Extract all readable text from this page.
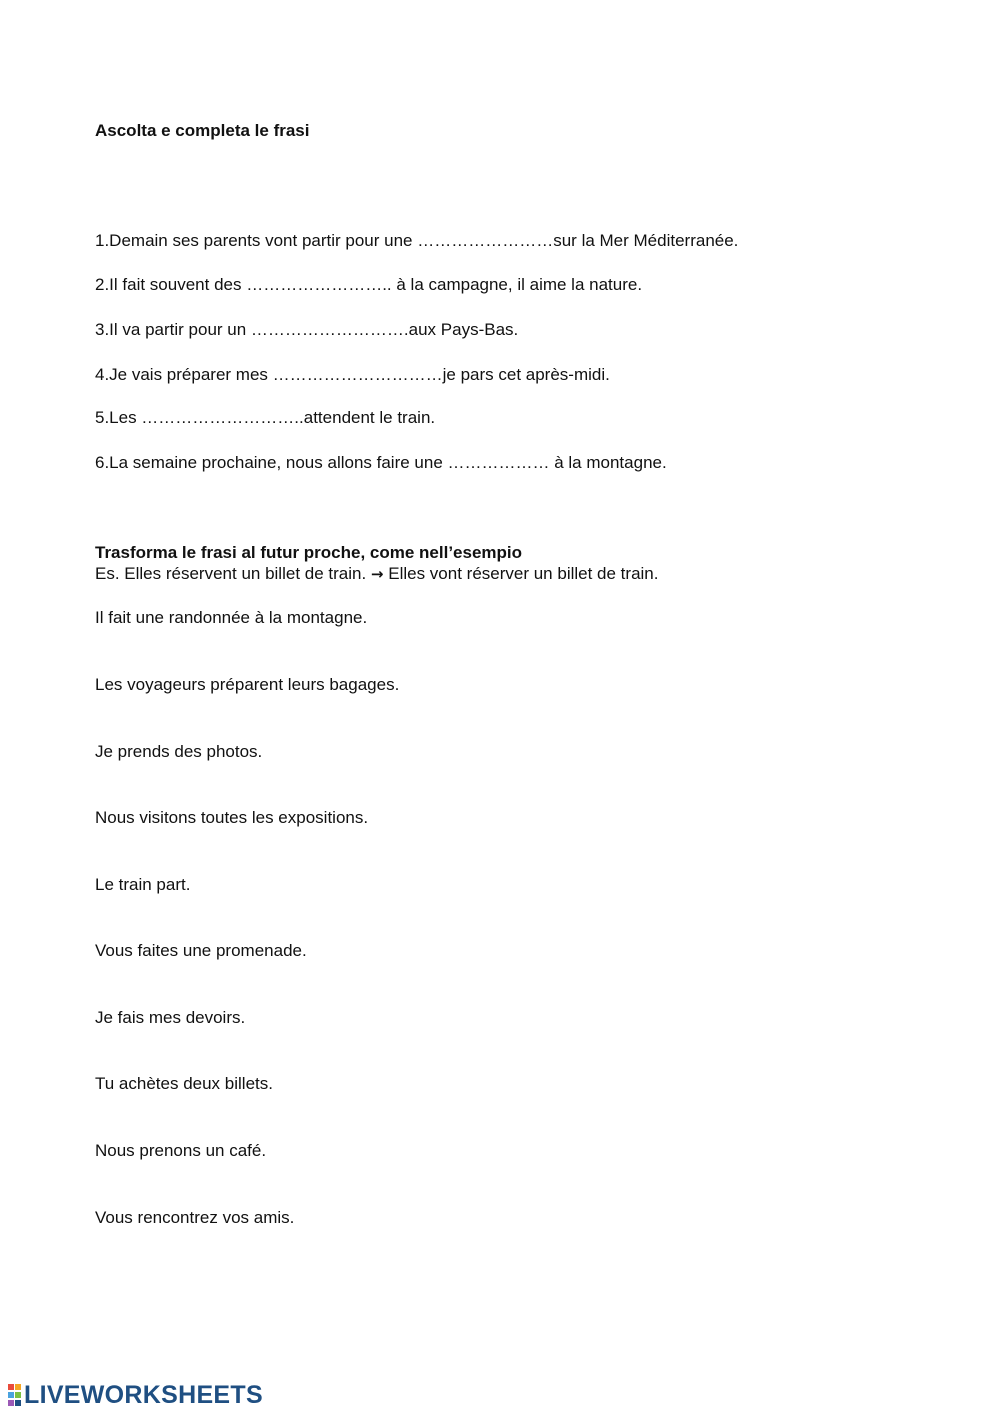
Ascolta e completa le frasi
1.Demain ses parents vont partir pour une ……………………sur la Mer Méditerranée.
2.Il fait souvent des …………………….. à la campagne, il aime la nature.
3.Il va partir pour un ……………………….aux Pays-Bas.
4.Je vais préparer mes …………………………je pars cet après-midi.
5.Les ………………………..attendent le train.
6.La semaine prochaine, nous allons faire une ……………… à la montagne.
Trasforma le frasi al futur proche, come nell’esempio
Es. Elles réservent un billet de train. → Elles vont réserver un billet de train.
Il fait une randonnée à la montagne.
Les voyageurs préparent leurs bagages.
Je prends des photos.
Nous visitons toutes les expositions.
Le train part.
Vous faites une promenade.
Je fais mes devoirs.
Tu achètes deux billets.
Nous prenons un café.
Vous rencontrez vos amis.
LIVEWORKSHEETS
